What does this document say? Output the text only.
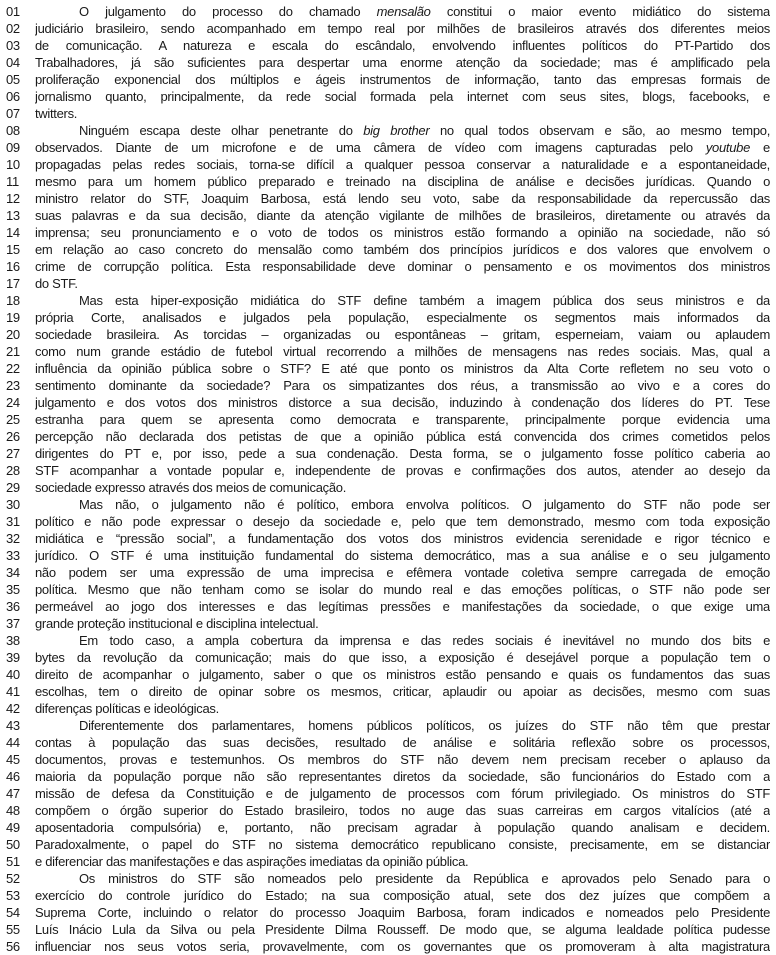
01	O julgamento do processo do chamado mensalão constitui o maior evento midiático do sistema
02	judiciário brasileiro, sendo acompanhado em tempo real por milhões de brasileiros através dos diferentes meios
03	de comunicação. A natureza e escala do escândalo, envolvendo influentes políticos do PT-Partido dos
04	Trabalhadores, já são suficientes para despertar uma enorme atenção da sociedade; mas é amplificado pela
05	proliferação exponencial dos múltiplos e ágeis instrumentos de informação, tanto das empresas formais de
06	jornalismo quanto, principalmente, da rede social formada pela internet com seus sites, blogs, facebooks, e
07	twitters.
08	Ninguém escapa deste olhar penetrante do big brother no qual todos observam e são, ao mesmo tempo,
09	observados. Diante de um microfone e de uma câmera de vídeo com imagens capturadas pelo youtube e
10	propagadas pelas redes sociais, torna-se difícil a qualquer pessoa conservar a naturalidade e a espontaneidade,
11	mesmo para um homem público preparado e treinado na disciplina de análise e decisões jurídicas. Quando o
12	ministro relator do STF, Joaquim Barbosa, está lendo seu voto, sabe da responsabilidade da repercussão das
13	suas palavras e da sua decisão, diante da atenção vigilante de milhões de brasileiros, diretamente ou através da
14	imprensa; seu pronunciamento e o voto de todos os ministros estão formando a opinião na sociedade, não só
15	em relação ao caso concreto do mensalão como também dos princípios jurídicos e dos valores que envolvem o
16	crime de corrupção política. Esta responsabilidade deve dominar o pensamento e os movimentos dos ministros
17	do STF.
18	Mas esta hiper-exposição midiática do STF define também a imagem pública dos seus ministros e da
19	própria Corte, analisados e julgados pela população, especialmente os segmentos mais informados da
20	sociedade brasileira. As torcidas – organizadas ou espontâneas – gritam, esperneiam, vaiam ou aplaudem
21	como num grande estádio de futebol virtual recorrendo a milhões de mensagens nas redes sociais. Mas, qual a
22	influência da opinião pública sobre o STF? E até que ponto os ministros da Alta Corte refletem no seu voto o
23	sentimento dominante da sociedade? Para os simpatizantes dos réus, a transmissão ao vivo e a cores do
24	julgamento e dos votos dos ministros distorce a sua decisão, induzindo à condenação dos líderes do PT. Tese
25	estranha para quem se apresenta como democrata e transparente, principalmente porque evidencia uma
26	percepção não declarada dos petistas de que a opinião pública está convencida dos crimes cometidos pelos
27	dirigentes do PT e, por isso, pede a sua condenação. Desta forma, se o julgamento fosse político caberia ao
28	STF acompanhar a vontade popular e, independente de provas e confirmações dos autos, atender ao desejo da
29	sociedade expresso através dos meios de comunicação.
30	Mas não, o julgamento não é político, embora envolva políticos. O julgamento do STF não pode ser
31	político e não pode expressar o desejo da sociedade e, pelo que tem demonstrado, mesmo com toda exposição
32	midiática e “pressão social”, a fundamentação dos votos dos ministros evidencia serenidade e rigor técnico e
33	jurídico. O STF é uma instituição fundamental do sistema democrático, mas a sua análise e o seu julgamento
34	não podem ser uma expressão de uma imprecisa e efêmera vontade coletiva sempre carregada de emoção
35	política. Mesmo que não tenham como se isolar do mundo real e das emoções políticas, o STF não pode ser
36	permeável ao jogo dos interesses e das legítimas pressões e manifestações da sociedade, o que exige uma
37	grande proteção institucional e disciplina intelectual.
38	Em todo caso, a ampla cobertura da imprensa e das redes sociais é inevitável no mundo dos bits e
39	bytes da revolução da comunicação; mais do que isso, a exposição é desejável porque a população tem o
40	direito de acompanhar o julgamento, saber o que os ministros estão pensando e quais os fundamentos das suas
41	escolhas, tem o direito de opinar sobre os mesmos, criticar, aplaudir ou apoiar as decisões, mesmo com suas
42	diferenças políticas e ideológicas.
43	Diferentemente dos parlamentares, homens públicos políticos, os juízes do STF não têm que prestar
44	contas à população das suas decisões, resultado de análise e solitária reflexão sobre os processos,
45	documentos, provas e testemunhos. Os membros do STF não devem nem precisam receber o aplauso da
46	maioria da população porque não são representantes diretos da sociedade, são funcionários do Estado com a
47	missão de defesa da Constituição e de julgamento de processos com fórum privilegiado. Os ministros do STF
48	compõem o órgão superior do Estado brasileiro, todos no auge das suas carreiras em cargos vitalícios (até a
49	aposentadoria compulsória) e, portanto, não precisam agradar à população quando analisam e decidem.
50	Paradoxalmente, o papel do STF no sistema democrático republicano consiste, precisamente, em se distanciar
51	e diferenciar das manifestações e das aspirações imediatas da opinião pública.
52	Os ministros do STF são nomeados pelo presidente da República e aprovados pelo Senado para o
53	exercício do controle jurídico do Estado; na sua composição atual, sete dos dez juízes que compõem a
54	Suprema Corte, incluindo o relator do processo Joaquim Barbosa, foram indicados e nomeados pelo Presidente
55	Luís Inácio Lula da Silva ou pela Presidente Dilma Rousseff. De modo que, se alguma lealdade política pudesse
56	influenciar nos seus votos seria, provavelmente, com os governantes que os promoveram à alta magistratura
